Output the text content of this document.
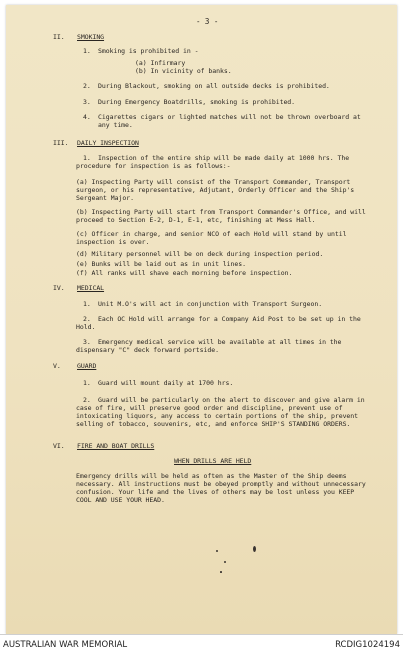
- 3 -
II. SMOKING
1. Smoking is prohibited in -
(a) Infirmary
(b) In vicinity of banks.
2. During Blackout, smoking on all outside decks is prohibited.
3. During Emergency Boatdrills, smoking is prohibited.
4. Cigarettes cigars or lighted matches will not be thrown overboard at any time.
III. DAILY INSPECTION
1.	Inspection of the entire ship will be made daily at 1000 hrs. The procedure for inspection is as follows:-
(a) Inspecting Party will consist of the Transport Commander, Transport surgeon, or his representative, Adjutant, Orderly Officer and the Ship's Sergeant Major.
(b) Inspecting Party will start from Transport Commander's Office, and will proceed to Section E-2, D-1, E-1, etc, finishing at Mess Hall.
(c) Officer in charge, and senior NCO of each Hold will stand by until inspection is over.
(d) Military personnel will be on deck during inspection period.
(e) Bunks will be laid out as in unit lines.
(f) All ranks will shave each morning before inspection.
IV. MEDICAL
1. Unit M.O's will act in conjunction with Transport Surgeon.
2.	Each OC Hold will arrange for a Company Aid Post to be set up in the Hold.
3.	Emergency medical service will be available at all times in the dispensary "C" deck forward portside.
V.	GUARD
1. Guard will mount daily at 1700 hrs.
2.	Guard will be particularly on the alert to discover and give alarm in case of fire, will preserve good order and discipline, prevent use of intoxicating liquors, any access to certain portions of the ship, prevent selling of tobacco, souvenirs, etc, and enforce SHIP'S STANDING ORDERS.
VI. FIRE AND BOAT DRILLS
WHEN DRILLS ARE HELD
Emergency drills will be held as often as the Master of the Ship deems necessary. All instructions must be obeyed promptly and without unnecessary confusion. Your life and the lives of others may be lost unless you KEEP COOL AND USE YOUR HEAD.
AUSTRALIAN WAR MEMORIAL	RCDIG1024194
